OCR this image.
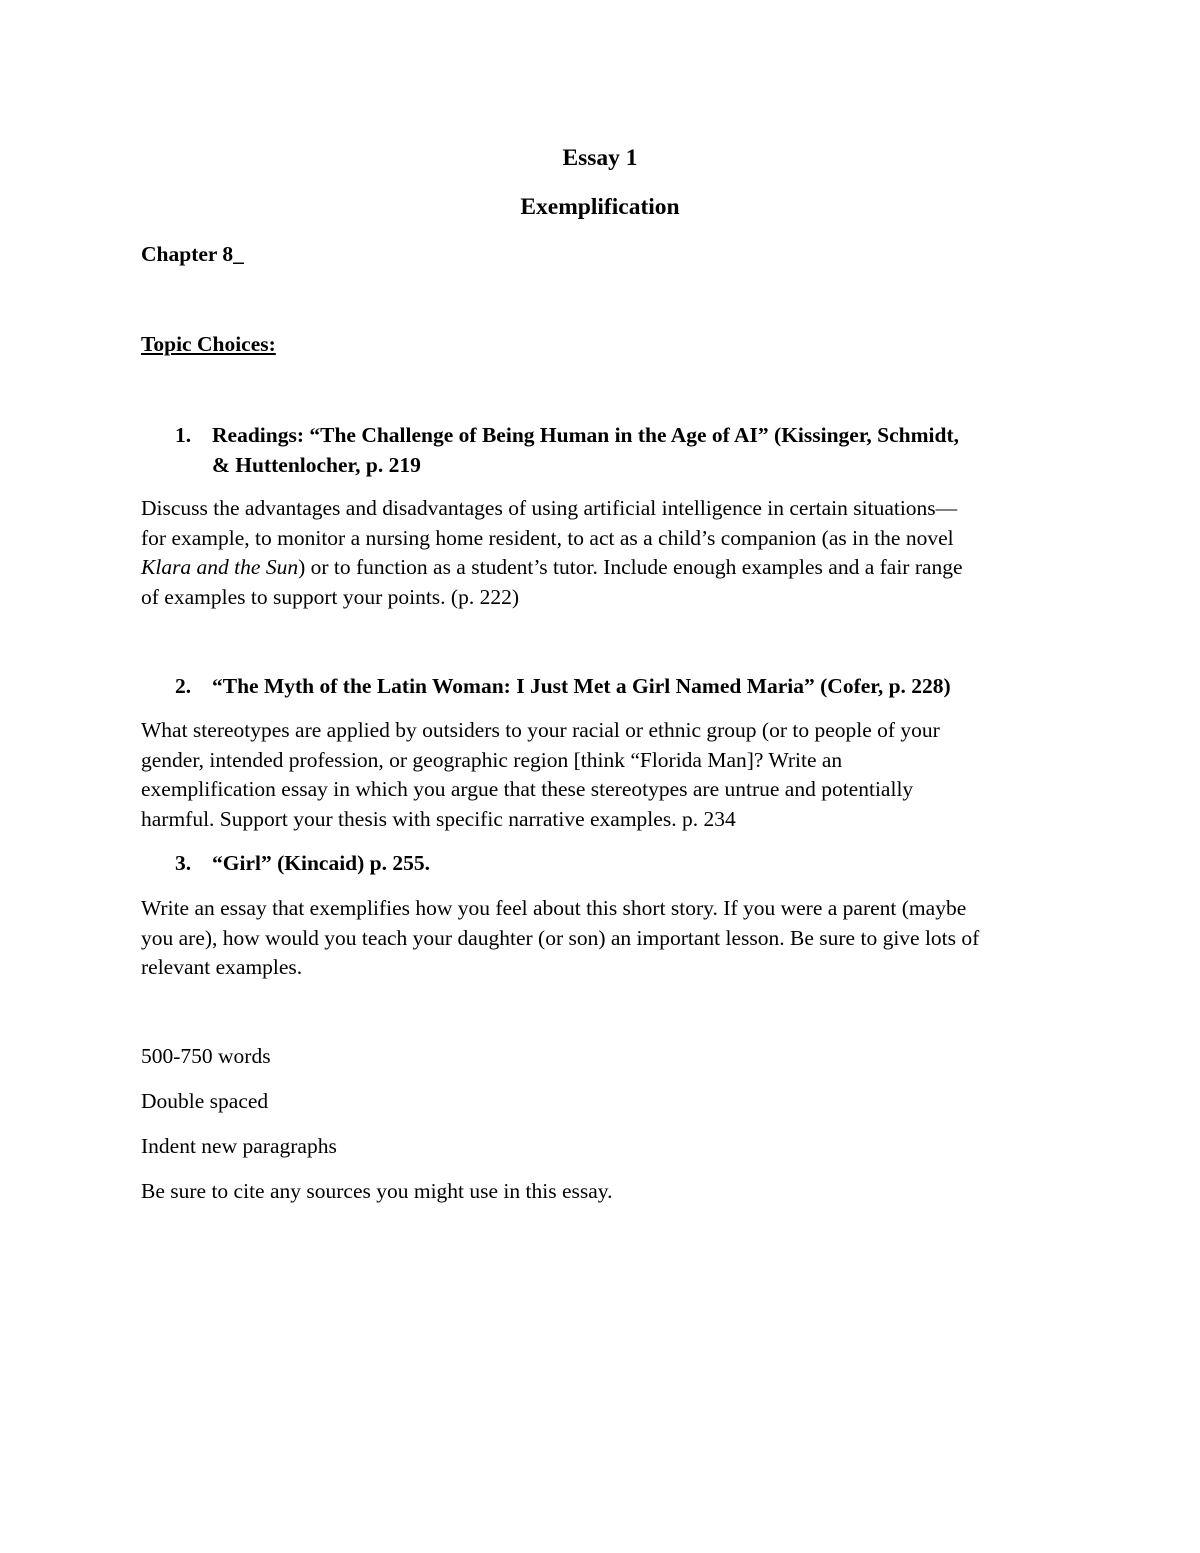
Essay 1
Exemplification

Chapter 8_

Topic Choices:

1. Readings: “The Challenge of Being Human in the Age of AI” (Kissinger, Schmidt,
& Huttenlocher, p. 219
Discuss the advantages and disadvantages of using artificial intelligence in certain situations—
for example, to monitor a nursing home resident, to act as a child’s companion (as in the novel
Klara and the Sun) or to function as a student’s tutor. Include enough examples and a fair range
of examples to support your points. (p. 222)
2. “The Myth of the Latin Woman: I Just Met a Girl Named Maria” (Cofer, p. 228)
What stereotypes are applied by outsiders to your racial or ethnic group (or to people of your
gender, intended profession, or geographic region [think “Florida Man]? Write an
exemplification essay in which you argue that these stereotypes are untrue and potentially
harmful. Support your thesis with specific narrative examples. p. 234
3. “Girl” (Kincaid) p. 255.
Write an essay that exemplifies how you feel about this short story. If you were a parent (maybe
you are), how would you teach your daughter (or son) an important lesson. Be sure to give lots of
relevant examples.

500-750 words

Double spaced

Indent new paragraphs

Be sure to cite any sources you might use in this essay.
